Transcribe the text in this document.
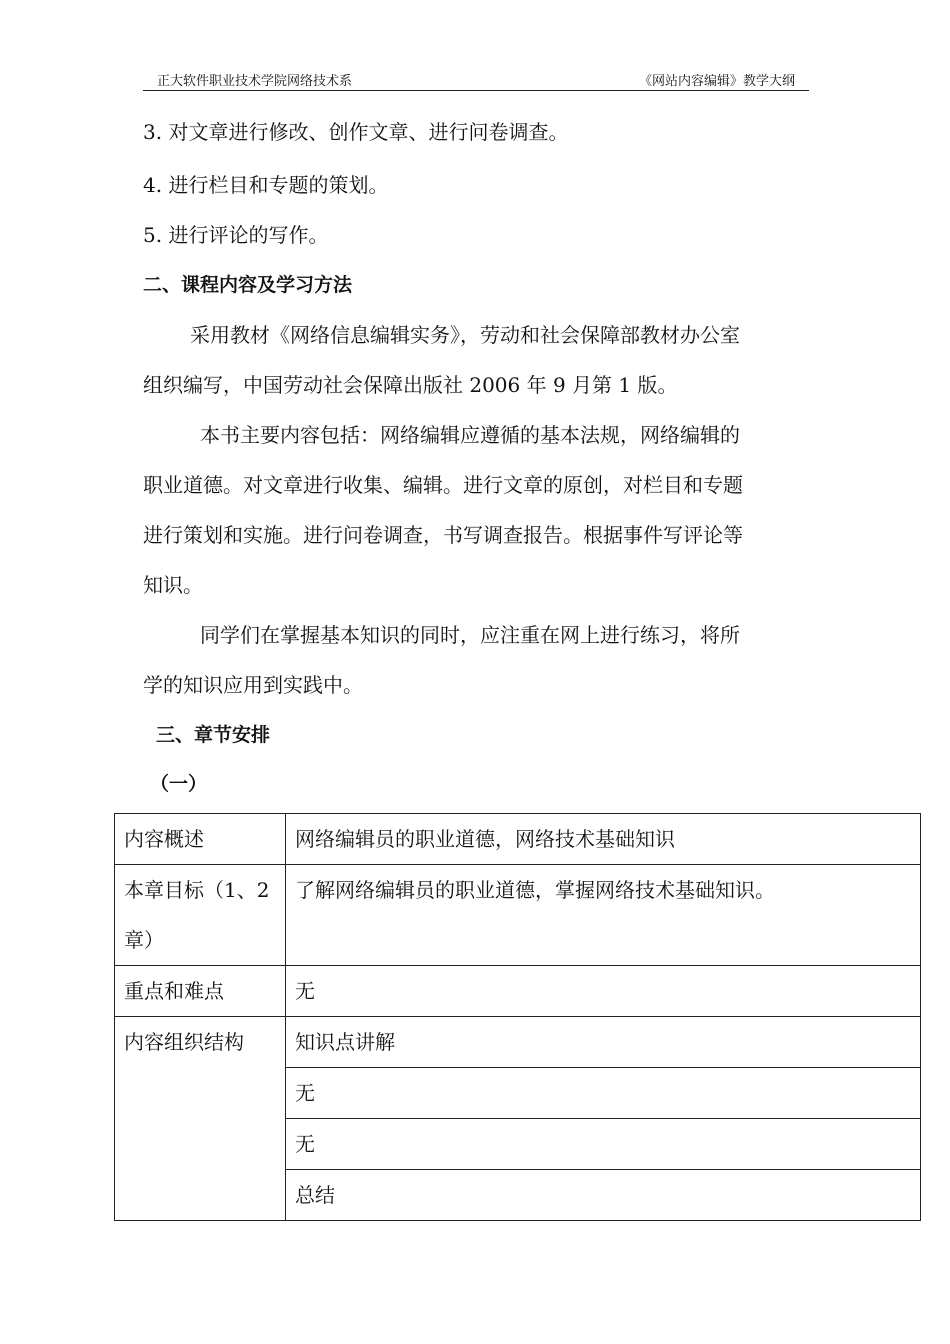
正大软件职业技术学院网络技术系	《网站内容编辑》教学大纲
3. 对文章进行修改、创作文章、进行问卷调查。
4. 进行栏目和专题的策划。
5. 进行评论的写作。
二、课程内容及学习方法
采用教材《网络信息编辑实务》，劳动和社会保障部教材办公室
组织编写，中国劳动社会保障出版社 2006 年 9 月第 1 版。
本书主要内容包括：网络编辑应遵循的基本法规，网络编辑的
职业道德。对文章进行收集、编辑。进行文章的原创，对栏目和专题
进行策划和实施。进行问卷调查，书写调查报告。根据事件写评论等
知识。
同学们在掌握基本知识的同时，应注重在网上进行练习，将所
学的知识应用到实践中。
三、章节安排
（一）
内容概述	网络编辑员的职业道德，网络技术基础知识

本章目标（1、2
章）	了解网络编辑员的职业道德，掌握网络技术基础知识。
重点和难点	无
内容组织结构	知识点讲解
	无
	无
	总结
